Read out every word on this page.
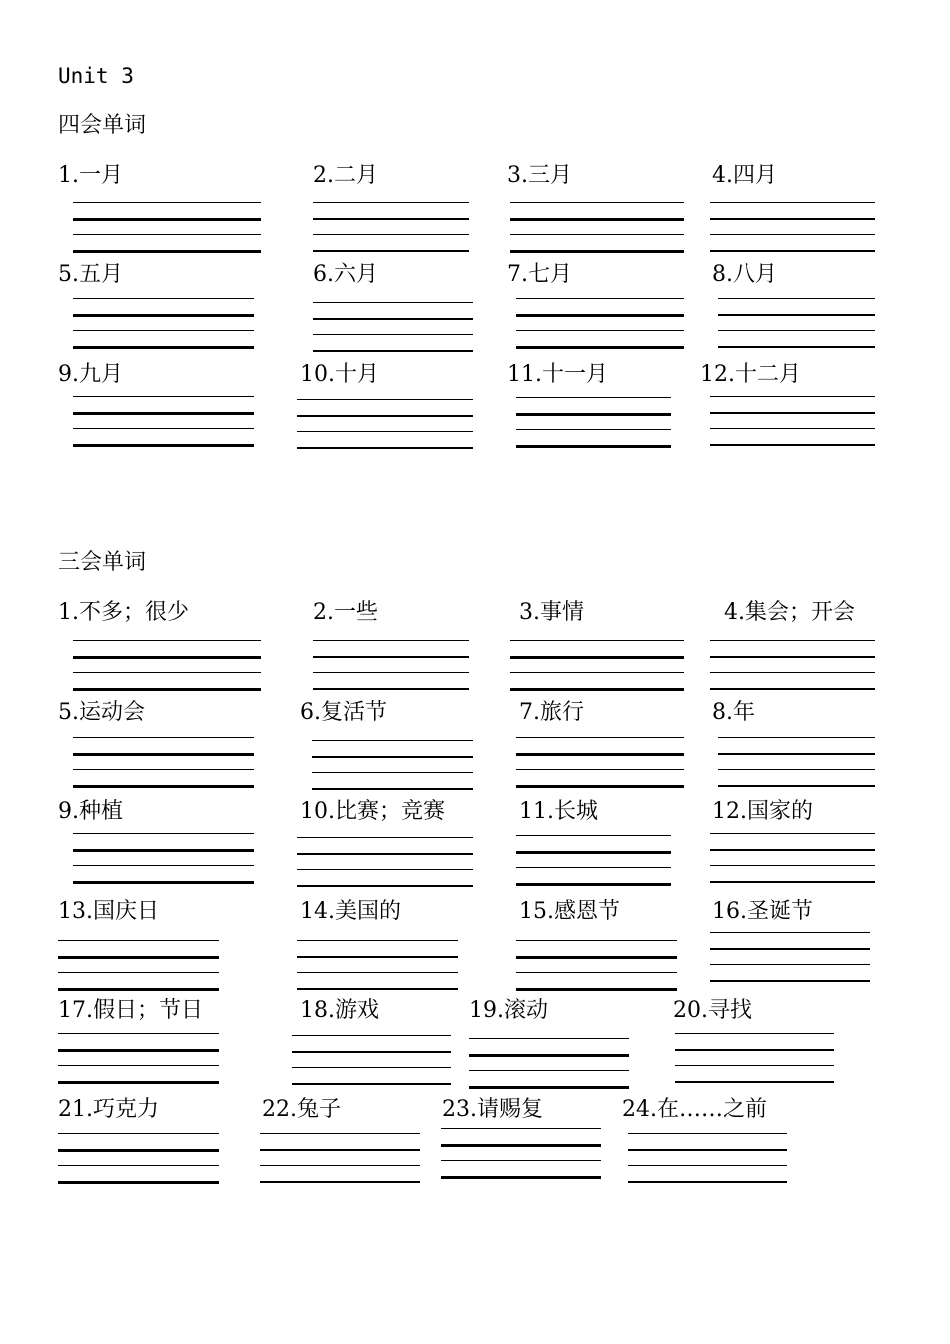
Unit 3
四会单词
1.一月	2.二月	3.三月	4.四月
5.五月	6.六月	7.七月	8.八月
9.九月	10.十月	11.十一月	12.十二月
三会单词
1.不多；很少	2.一些	3.事情	4.集会；开会
5.运动会	6.复活节	7.旅行	8.年
9.种植	10.比赛；竞赛	11.长城	12.国家的
13.国庆日	14.美国的	15.感恩节	16.圣诞节
17.假日；节日	18.游戏	19.滚动	20.寻找
21.巧克力	22.兔子	23.请赐复	24.在……之前
